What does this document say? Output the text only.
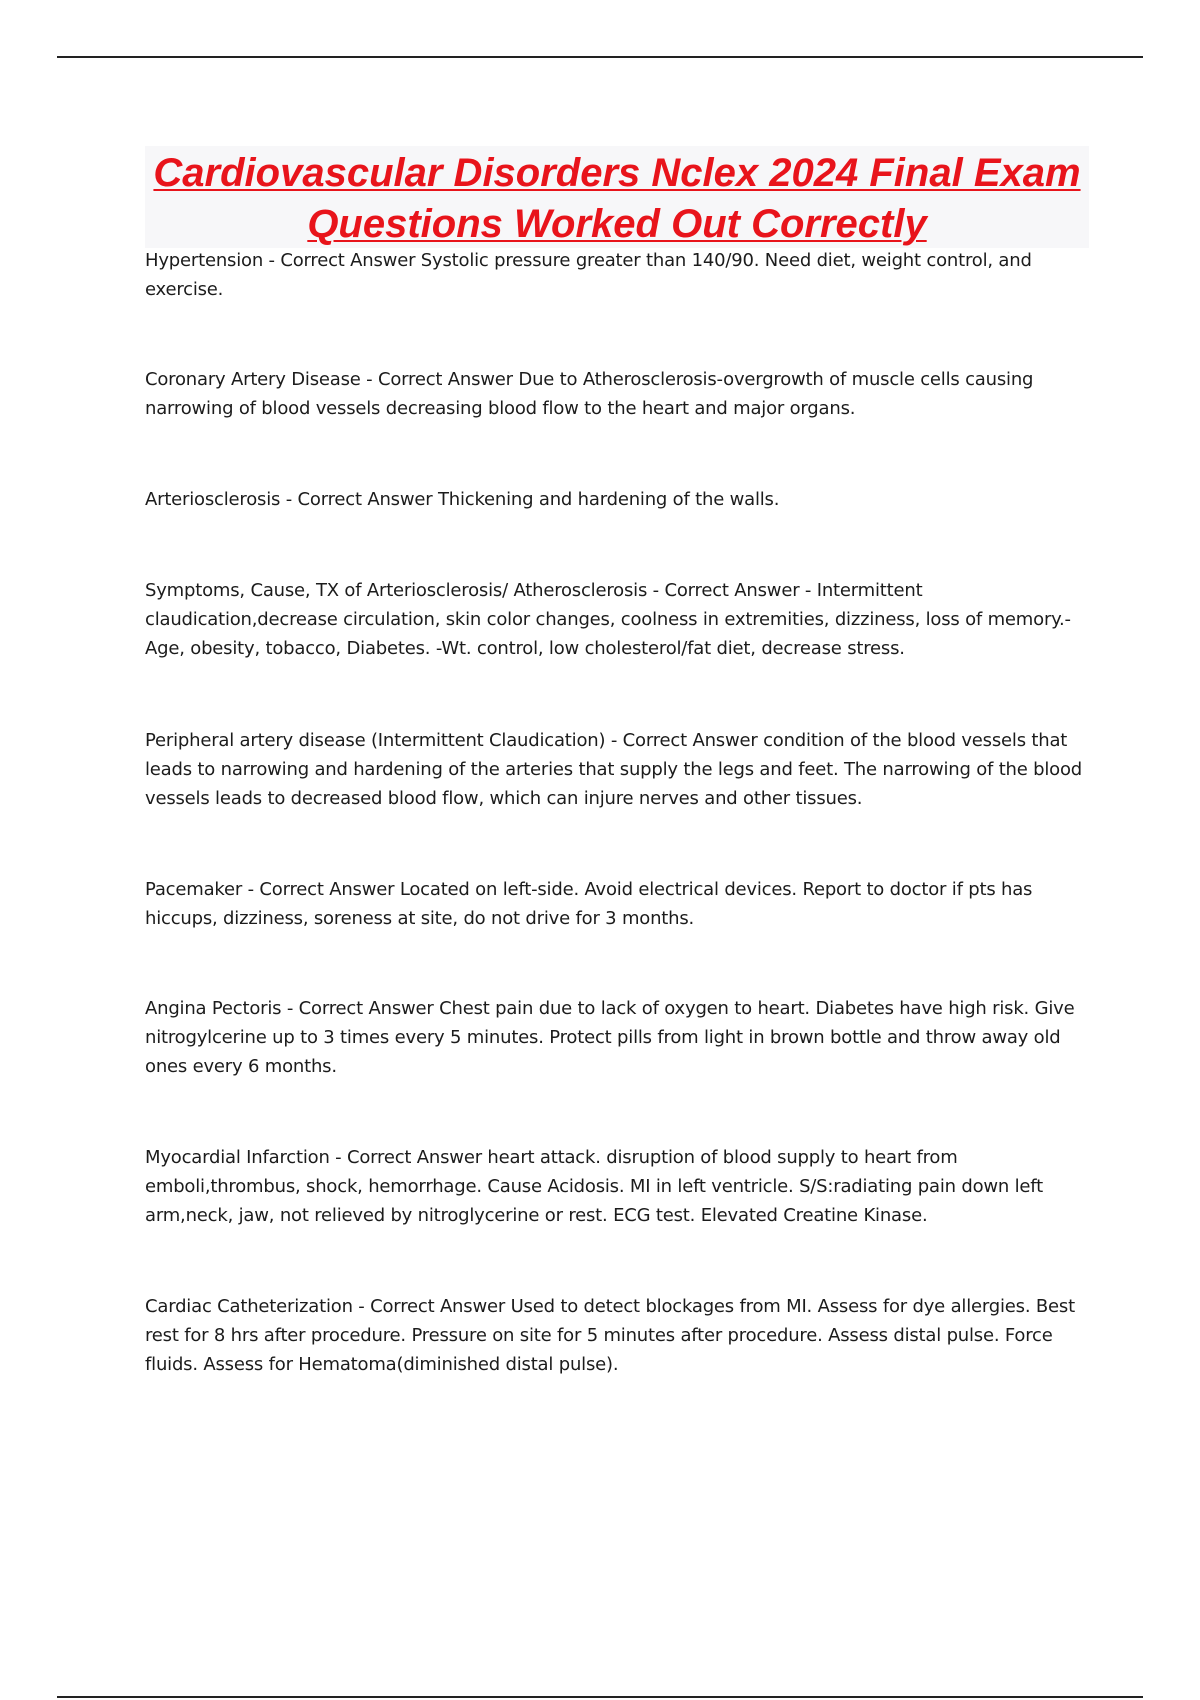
Cardiovascular Disorders Nclex 2024 Final Exam Questions Worked Out Correctly

Hypertension - Correct Answer Systolic pressure greater than 140/90. Need diet, weight control, and exercise.

Coronary Artery Disease - Correct Answer Due to Atherosclerosis-overgrowth of muscle cells causing narrowing of blood vessels decreasing blood flow to the heart and major organs.

Arteriosclerosis - Correct Answer Thickening and hardening of the walls.

Symptoms, Cause, TX of Arteriosclerosis/ Atherosclerosis - Correct Answer - Intermittent claudication,decrease circulation, skin color changes, coolness in extremities, dizziness, loss of memory.- Age, obesity, tobacco, Diabetes. -Wt. control, low cholesterol/fat diet, decrease stress.

Peripheral artery disease (Intermittent Claudication) - Correct Answer condition of the blood vessels that leads to narrowing and hardening of the arteries that supply the legs and feet. The narrowing of the blood vessels leads to decreased blood flow, which can injure nerves and other tissues.

Pacemaker - Correct Answer Located on left-side. Avoid electrical devices. Report to doctor if pts has hiccups, dizziness, soreness at site, do not drive for 3 months.

Angina Pectoris - Correct Answer Chest pain due to lack of oxygen to heart. Diabetes have high risk. Give nitrogylcerine up to 3 times every 5 minutes. Protect pills from light in brown bottle and throw away old ones every 6 months.

Myocardial Infarction - Correct Answer heart attack. disruption of blood supply to heart from emboli,thrombus, shock, hemorrhage. Cause Acidosis. MI in left ventricle. S/S:radiating pain down left arm,neck, jaw, not relieved by nitroglycerine or rest. ECG test. Elevated Creatine Kinase.

Cardiac Catheterization - Correct Answer Used to detect blockages from MI. Assess for dye allergies. Best rest for 8 hrs after procedure. Pressure on site for 5 minutes after procedure. Assess distal pulse. Force fluids. Assess for Hematoma(diminished distal pulse).
